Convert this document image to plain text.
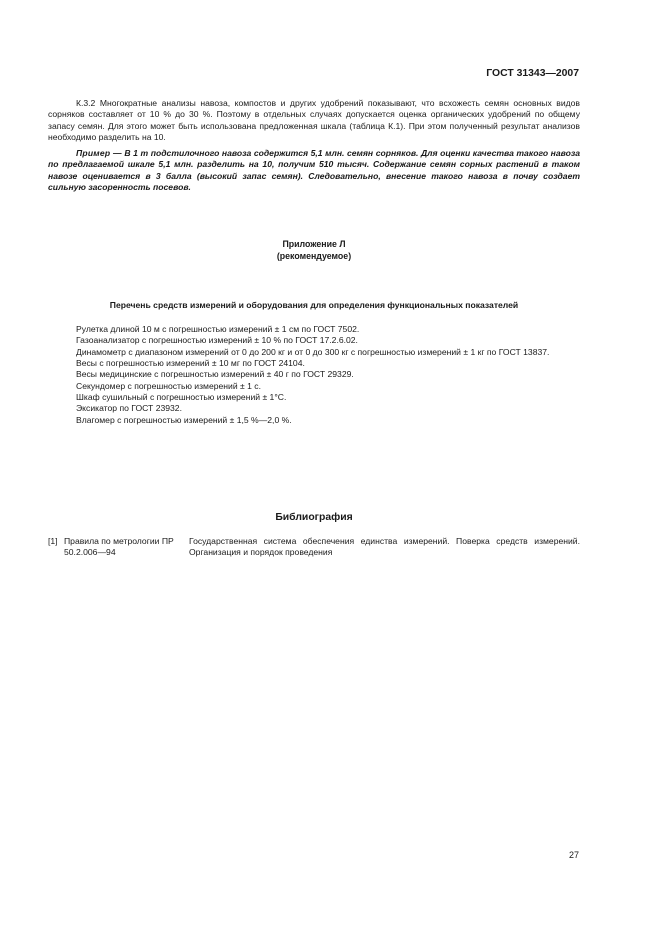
ГОСТ 31343—2007
К.3.2 Многократные анализы навоза, компостов и других удобрений показывают, что всхожесть семян основных видов сорняков составляет от 10 % до 30 %. Поэтому в отдельных случаях допускается оценка органических удобрений по общему запасу семян. Для этого может быть использована предложенная шкала (таблица К.1). При этом полученный результат анализов необходимо разделить на 10.
Пример — В 1 т подстилочного навоза содержится 5,1 млн. семян сорняков. Для оценки качества такого навоза по предлагаемой шкале 5,1 млн. разделить на 10, получим 510 тысяч. Содержание семян сорных растений в таком навозе оценивается в 3 балла (высокий запас семян). Следовательно, внесение такого навоза в почву создает сильную засоренность посевов.
Приложение Л
(рекомендуемое)
Перечень средств измерений и оборудования для определения функциональных показателей
Рулетка длиной 10 м с погрешностью измерений ± 1 см по ГОСТ 7502.
Газоанализатор с погрешностью измерений ± 10 % по ГОСТ 17.2.6.02.
Динамометр с диапазоном измерений от 0 до 200 кг и от 0 до 300 кг с погрешностью измерений ± 1 кг по ГОСТ 13837.
Весы с погрешностью измерений ± 10 мг по ГОСТ 24104.
Весы медицинские с погрешностью измерений ± 40 г по ГОСТ 29329.
Секундомер с погрешностью измерений ± 1 с.
Шкаф сушильный с погрешностью измерений ± 1°С.
Эксикатор по ГОСТ 23932.
Влагомер с погрешностью измерений ± 1,5 %—2,0 %.
Библиография
[1] Правила по метрологии ПР 50.2.006—94
Государственная система обеспечения единства измерений. Поверка средств измерений. Организация и порядок проведения
27
